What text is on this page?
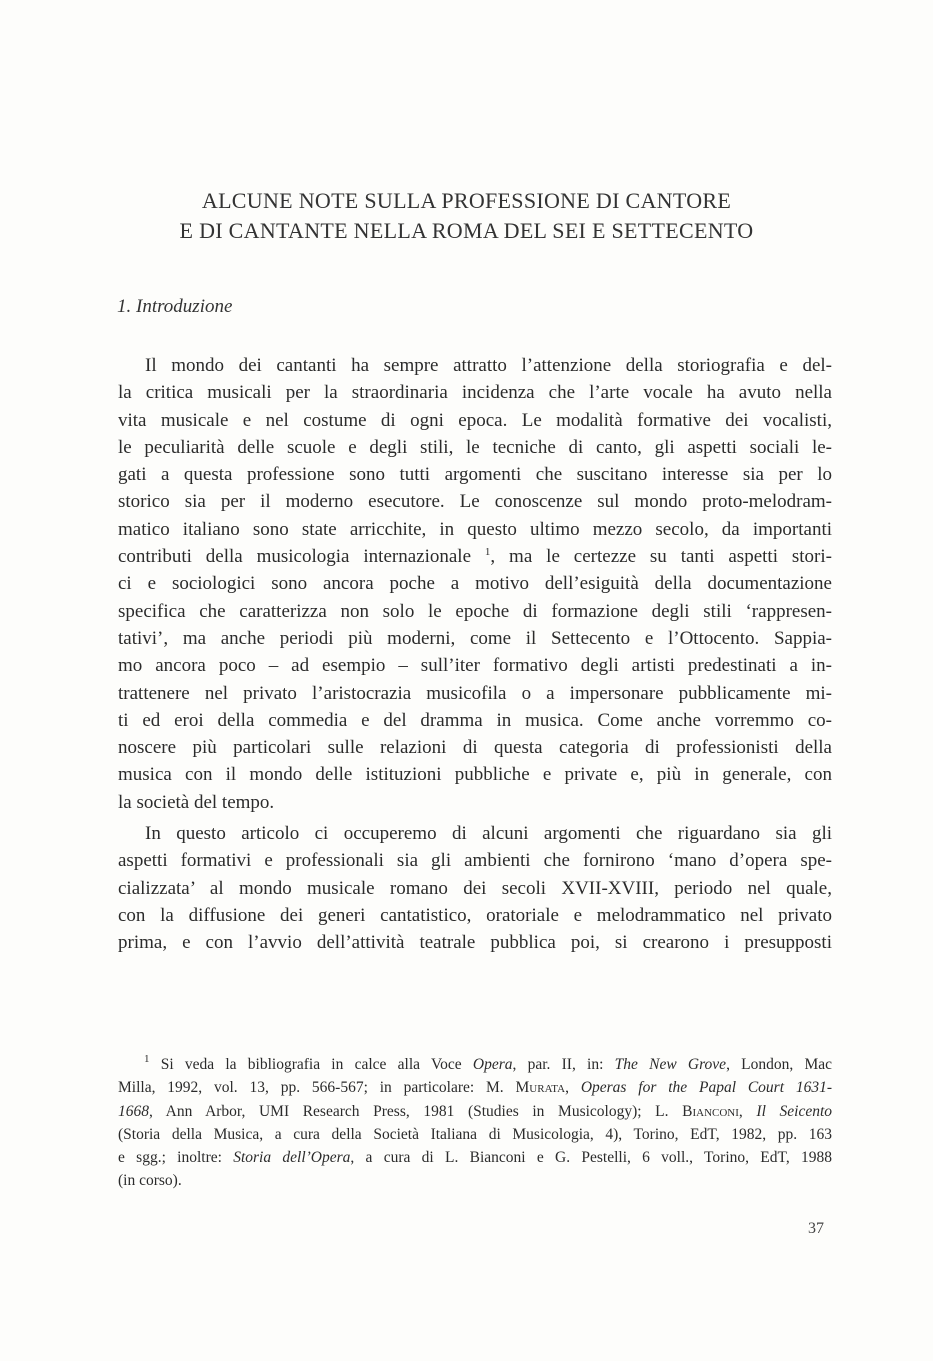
ALCUNE NOTE SULLA PROFESSIONE DI CANTORE
E DI CANTANTE NELLA ROMA DEL SEI E SETTECENTO
1. Introduzione
Il mondo dei cantanti ha sempre attratto l’attenzione della storiografia e del-
la critica musicali per la straordinaria incidenza che l’arte vocale ha avuto nella
vita musicale e nel costume di ogni epoca. Le modalità formative dei vocalisti,
le peculiarità delle scuole e degli stili, le tecniche di canto, gli aspetti sociali le-
gati a questa professione sono tutti argomenti che suscitano interesse sia per lo
storico sia per il moderno esecutore. Le conoscenze sul mondo proto-melodram-
matico italiano sono state arricchite, in questo ultimo mezzo secolo, da importanti
contributi della musicologia internazionale $^1$, ma le certezze su tanti aspetti stori-
ci e sociologici sono ancora poche a motivo dell’esiguità della documentazione
specifica che caratterizza non solo le epoche di formazione degli stili ‘rappresen-
tativi’, ma anche periodi più moderni, come il Settecento e l’Ottocento. Sappia-
mo ancora poco – ad esempio – sull’iter formativo degli artisti predestinati a in-
trattenere nel privato l’aristocrazia musicofila o a impersonare pubblicamente mi-
ti ed eroi della commedia e del dramma in musica. Come anche vorremmo co-
noscere più particolari sulle relazioni di questa categoria di professionisti della
musica con il mondo delle istituzioni pubbliche e private e, più in generale, con
la società del tempo.
In questo articolo ci occuperemo di alcuni argomenti che riguardano sia gli
aspetti formativi e professionali sia gli ambienti che fornirono ‘mano d’opera spe-
cializzata’ al mondo musicale romano dei secoli XVII-XVIII, periodo nel quale,
con la diffusione dei generi cantatistico, oratoriale e melodrammatico nel privato
prima, e con l’avvio dell’attività teatrale pubblica poi, si crearono i presupposti
$^1$ Si veda la bibliografia in calce alla Voce Opera, par. II, in: The New Grove, London, Mac
Milla, 1992, vol. 13, pp. 566-567; in particolare: M. Murata, Operas for the Papal Court 1631-
1668, Ann Arbor, UMI Research Press, 1981 (Studies in Musicology); L. Bianconi, Il Seicento
(Storia della Musica, a cura della Società Italiana di Musicologia, 4), Torino, EdT, 1982, pp. 163
e sgg.; inoltre: Storia dell’Opera, a cura di L. Bianconi e G. Pestelli, 6 voll., Torino, EdT, 1988
(in corso).
37
